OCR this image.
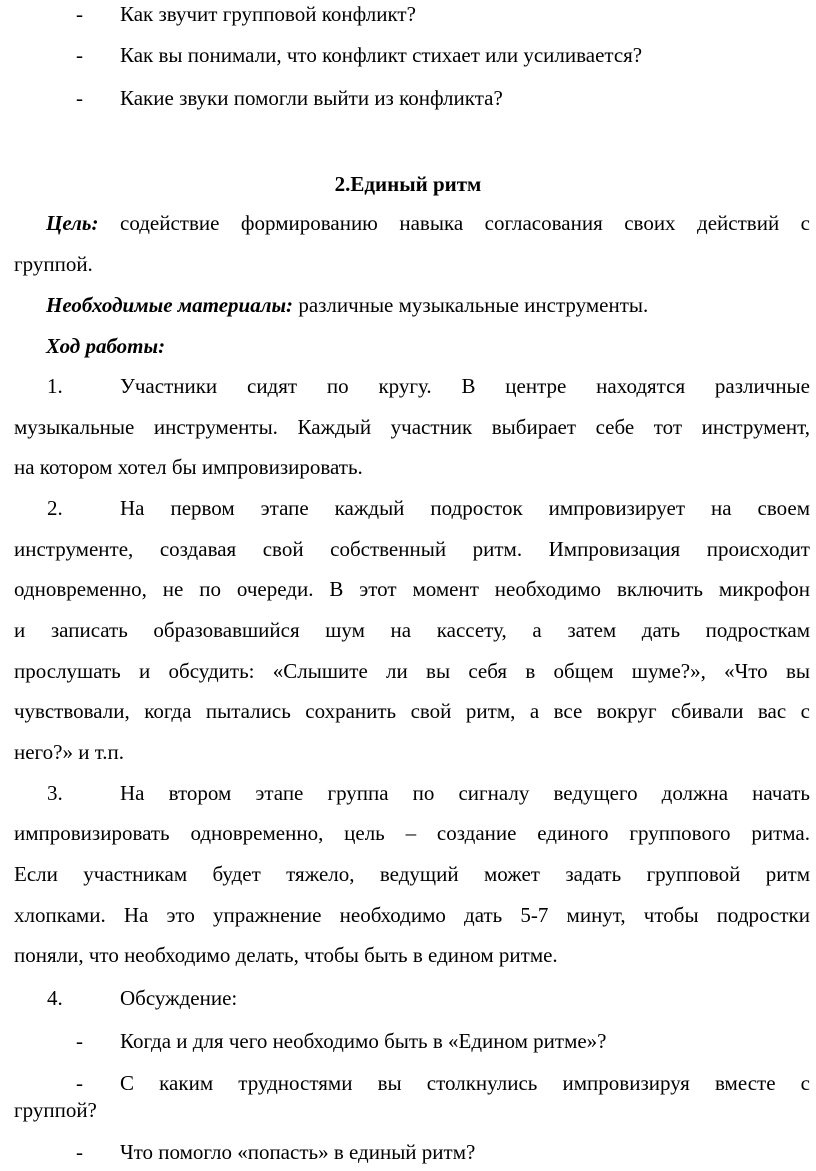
- Как звучит групповой конфликт?
- Как вы понимали, что конфликт стихает или усиливается?
- Какие звуки помогли выйти из конфликта?
2.Единый ритм
Цель: содействие формированию навыка согласования своих действий с
группой.
Необходимые материалы: различные музыкальные инструменты.
Ход работы:
1.	Участники сидят по кругу. В центре находятся различные
музыкальные инструменты. Каждый участник выбирает себе тот инструмент,
на котором хотел бы импровизировать.
2.	На первом этапе каждый подросток импровизирует на своем
инструменте, создавая свой собственный ритм. Импровизация происходит
одновременно, не по очереди. В этот момент необходимо включить микрофон
и записать образовавшийся шум на кассету, а затем дать подросткам
прослушать и обсудить: «Слышите ли вы себя в общем шуме?», «Что вы
чувствовали, когда пытались сохранить свой ритм, а все вокруг сбивали вас с
него?» и т.п.
3.	На втором этапе группа по сигналу ведущего должна начать
импровизировать одновременно, цель – создание единого группового ритма.
Если участникам будет тяжело, ведущий может задать групповой ритм
хлопками. На это упражнение необходимо дать 5-7 минут, чтобы подростки
поняли, что необходимо делать, чтобы быть в едином ритме.
4.	Обсуждение:
- Когда и для чего необходимо быть в «Едином ритме»?
- С каким трудностями вы столкнулись импровизируя вместе с
группой?
- Что помогло «попасть» в единый ритм?
